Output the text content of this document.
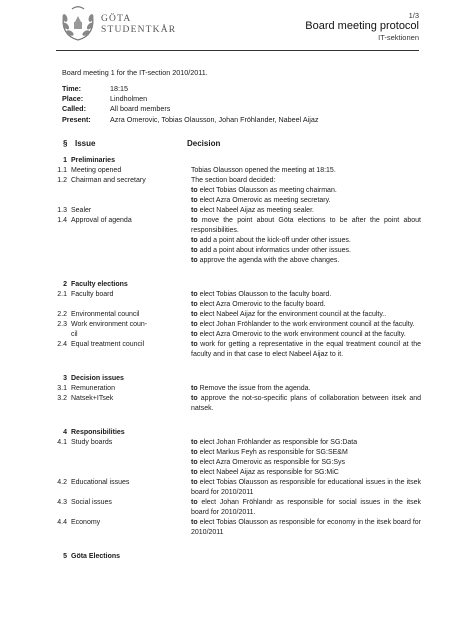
GÖTA
STUDENTKÅR
1/3
Board meeting protocol
IT-sektionen
Board meeting 1 for the IT-section 2010/2011.
Time:	18:15
Place:	Lindholmen
Called:	All board members
Present:	Azra Omerovic, Tobias Olausson, Johan Fröhlander, Nabeel Aijaz
§ Issue	Decision
1 Preliminaries
1.1 Meeting opened	Tobias Olausson opened the meeting at 18:15.
1.2 Chairman and secretary	The section board decided:
to elect Tobias Olausson as meeting chairman.
to elect Azra Omerovic as meeting secretary.
1.3 Sealer	to elect Nabeel Aijaz as meeting sealer.
1.4 Approval of agenda	to move the point about Göta elections to be after the point about responsibilities.
to add a point about the kick-off under other issues.
to add a point about informatics under other issues.
to approve the agenda with the above changes.
2 Faculty elections
2.1 Faculty board	to elect Tobias Olausson to the faculty board.
to elect Azra Omerovic to the faculty board.
2.2 Environmental council	to elect Nabeel Aijaz for the environment council at the faculty..
2.3 Work environment coun-
cil
to elect Johan Fröhlander to the work environment council at the faculty.
to elect Azra Omerovic to the work environment council at the faculty.
2.4 Equal treatment council	to work for getting a representative in the equal treatment council at the faculty and in that case to elect Nabeel Aijaz to it.
3 Decision issues
3.1 Remuneration	to Remove the issue from the agenda.
3.2 Natsek+ITsek	to approve the not-so-specific plans of collaboration between itsek and natsek.
4 Responsibilities
4.1 Study boards	to elect Johan Fröhlander as responsible for SG:Data
to elect Markus Feyh as responsible for SG:SE&M
to elect Azra Omerovic as responsible for SG:Sys
to elect Nabeel Aijaz as responsible for SG:MiC
4.2 Educational issues	to elect Tobias Olausson as responsible for educational issues in the itsek board for 2010/2011
4.3 Social issues	to elect Johan Fröhlandr as responsible for social issues in the itsek board for 2010/2011.
4.4 Economy	to elect Tobias Olausson as responsible for economy in the itsek board for 2010/2011
5 Göta Elections
